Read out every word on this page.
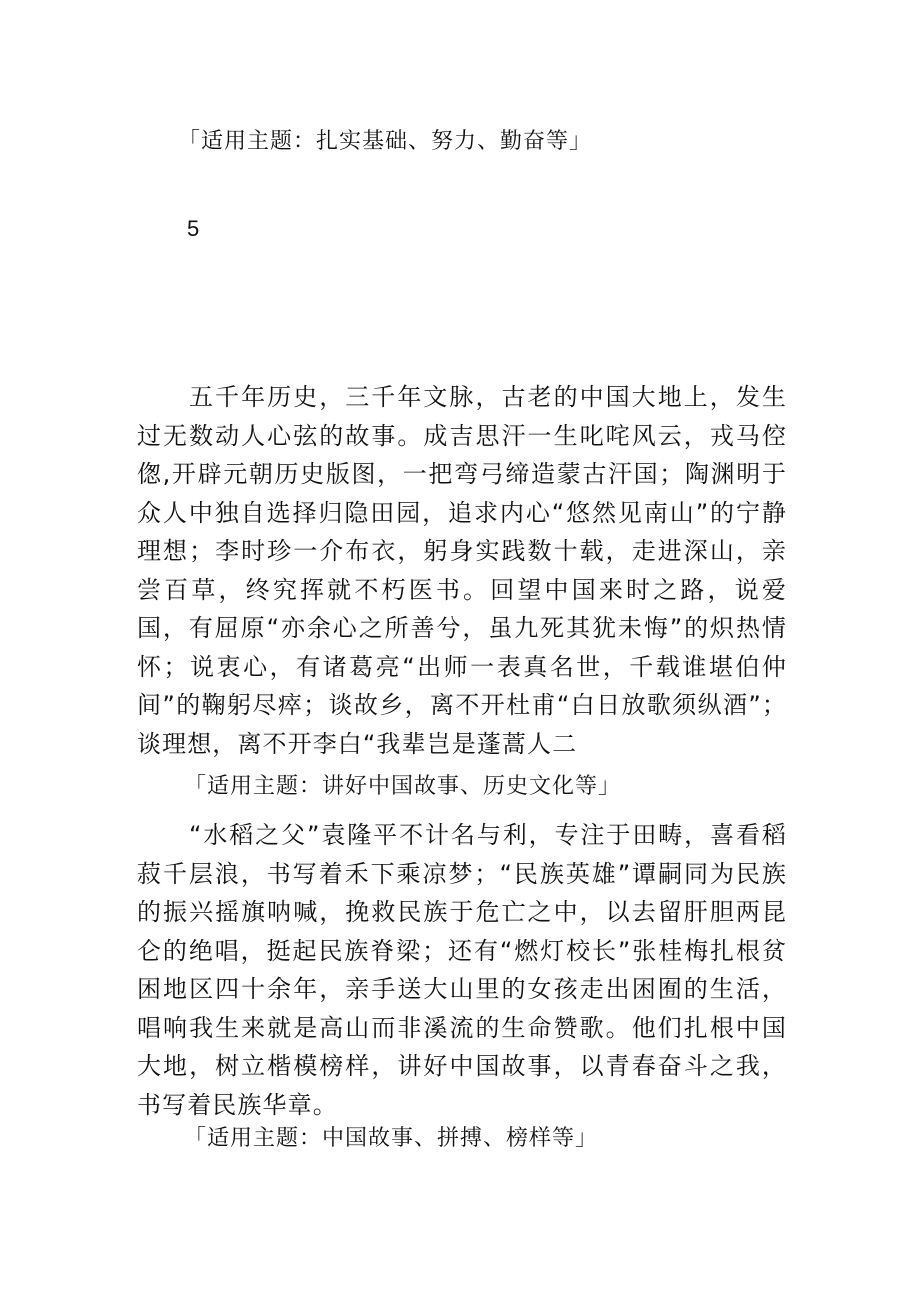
「适用主题：扎实基础、努力、勤奋等」
5

五千年历史，三千年文脉，古老的中国大地上，发生过无数动人心弦的故事。成吉思汗一生叱咤风云，戎马倥偬,开辟元朝历史版图，一把弯弓缔造蒙古汗国；陶渊明于众人中独自选择归隐田园，追求内心“悠然见南山”的宁静理想；李时珍一介布衣，躬身实践数十载，走进深山，亲尝百草，终究挥就不朽医书。回望中国来时之路，说爱国，有屈原“亦余心之所善兮，虽九死其犹未悔”的炽热情怀；说衷心，有诸葛亮“出师一表真名世，千载谁堪伯仲间”的鞠躬尽瘁；谈故乡，离不开杜甫“白日放歌须纵酒”；谈理想，离不开李白“我辈岂是蓬蒿人二

「适用主题：讲好中国故事、历史文化等」

“水稻之父”袁隆平不计名与利，专注于田畴，喜看稻菽千层浪，书写着禾下乘凉梦；“民族英雄”谭嗣同为民族的振兴摇旗呐喊，挽救民族于危亡之中，以去留肝胆两昆仑的绝唱，挺起民族脊梁；还有“燃灯校长”张桂梅扎根贫困地区四十余年，亲手送大山里的女孩走出困囿的生活，唱响我生来就是高山而非溪流的生命赞歌。他们扎根中国大地，树立楷模榜样，讲好中国故事，以青春奋斗之我，书写着民族华章。

「适用主题：中国故事、拼搏、榜样等」
